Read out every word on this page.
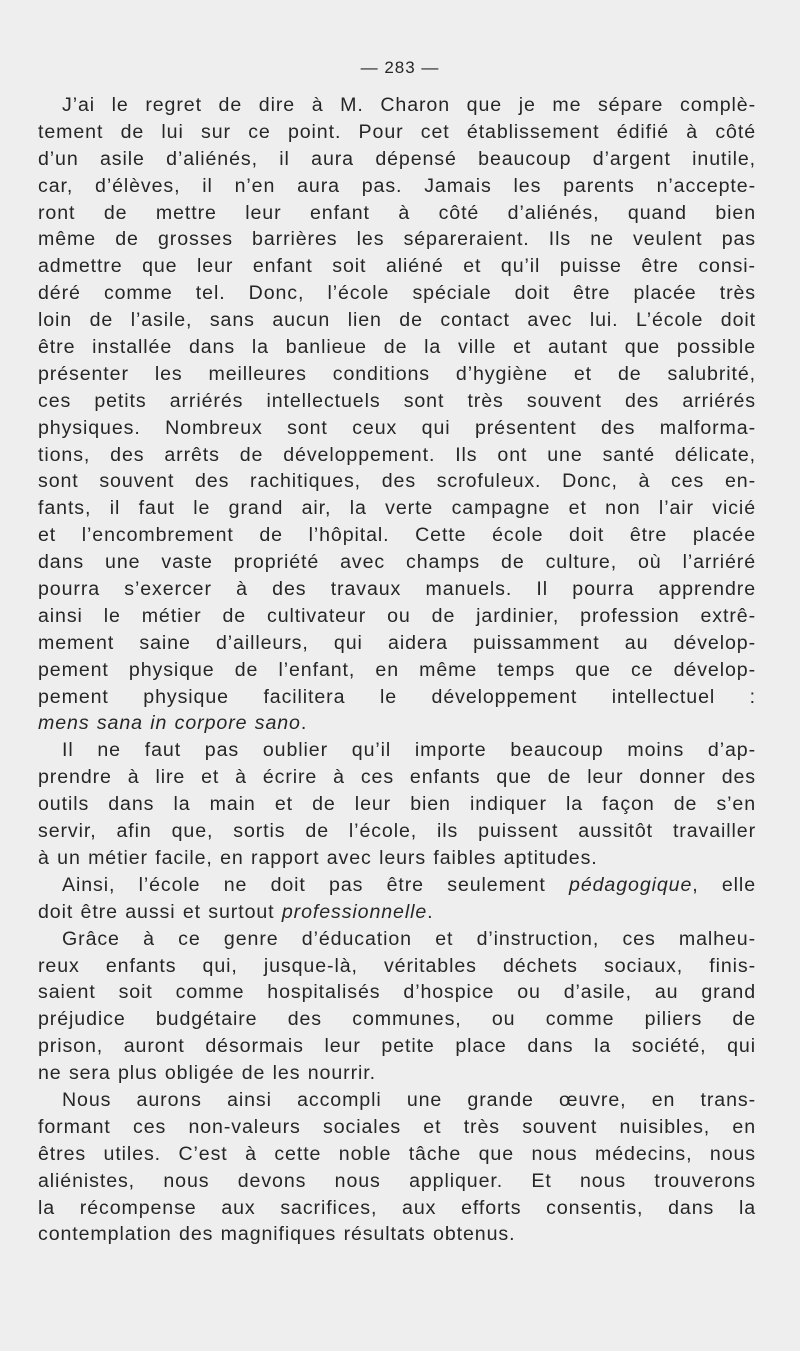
— 283 —
J’ai le regret de dire à M. Charon que je me sépare complè-
tement de lui sur ce point. Pour cet établissement édifié à côté
d’un asile d’aliénés, il aura dépensé beaucoup d’argent inutile,
car, d’élèves, il n’en aura pas. Jamais les parents n’accepte-
ront de mettre leur enfant à côté d’aliénés, quand bien
même de grosses barrières les sépareraient. Ils ne veulent pas
admettre que leur enfant soit aliéné et qu’il puisse être consi-
déré comme tel. Donc, l’école spéciale doit être placée très
loin de l’asile, sans aucun lien de contact avec lui. L’école doit
être installée dans la banlieue de la ville et autant que possible
présenter les meilleures conditions d’hygiène et de salubrité,
ces petits arriérés intellectuels sont très souvent des arriérés
physiques. Nombreux sont ceux qui présentent des malforma-
tions, des arrêts de développement. Ils ont une santé délicate,
sont souvent des rachitiques, des scrofuleux. Donc, à ces en-
fants, il faut le grand air, la verte campagne et non l’air vicié
et l’encombrement de l’hôpital. Cette école doit être placée
dans une vaste propriété avec champs de culture, où l’arriéré
pourra s’exercer à des travaux manuels. Il pourra apprendre
ainsi le métier de cultivateur ou de jardinier, profession extrê-
mement saine d’ailleurs, qui aidera puissamment au dévelop-
pement physique de l’enfant, en même temps que ce dévelop-
pement physique facilitera le développement intellectuel :
mens sana in corpore sano.
Il ne faut pas oublier qu’il importe beaucoup moins d’ap-
prendre à lire et à écrire à ces enfants que de leur donner des
outils dans la main et de leur bien indiquer la façon de s’en
servir, afin que, sortis de l’école, ils puissent aussitôt travailler
à un métier facile, en rapport avec leurs faibles aptitudes.
Ainsi, l’école ne doit pas être seulement pédagogique, elle
doit être aussi et surtout professionnelle.
Grâce à ce genre d’éducation et d’instruction, ces malheu-
reux enfants qui, jusque-là, véritables déchets sociaux, finis-
saient soit comme hospitalisés d’hospice ou d’asile, au grand
préjudice budgétaire des communes, ou comme piliers de
prison, auront désormais leur petite place dans la société, qui
ne sera plus obligée de les nourrir.
Nous aurons ainsi accompli une grande œuvre, en trans-
formant ces non-valeurs sociales et très souvent nuisibles, en
êtres utiles. C’est à cette noble tâche que nous médecins, nous
aliénistes, nous devons nous appliquer. Et nous trouverons
la récompense aux sacrifices, aux efforts consentis, dans la
contemplation des magnifiques résultats obtenus.
